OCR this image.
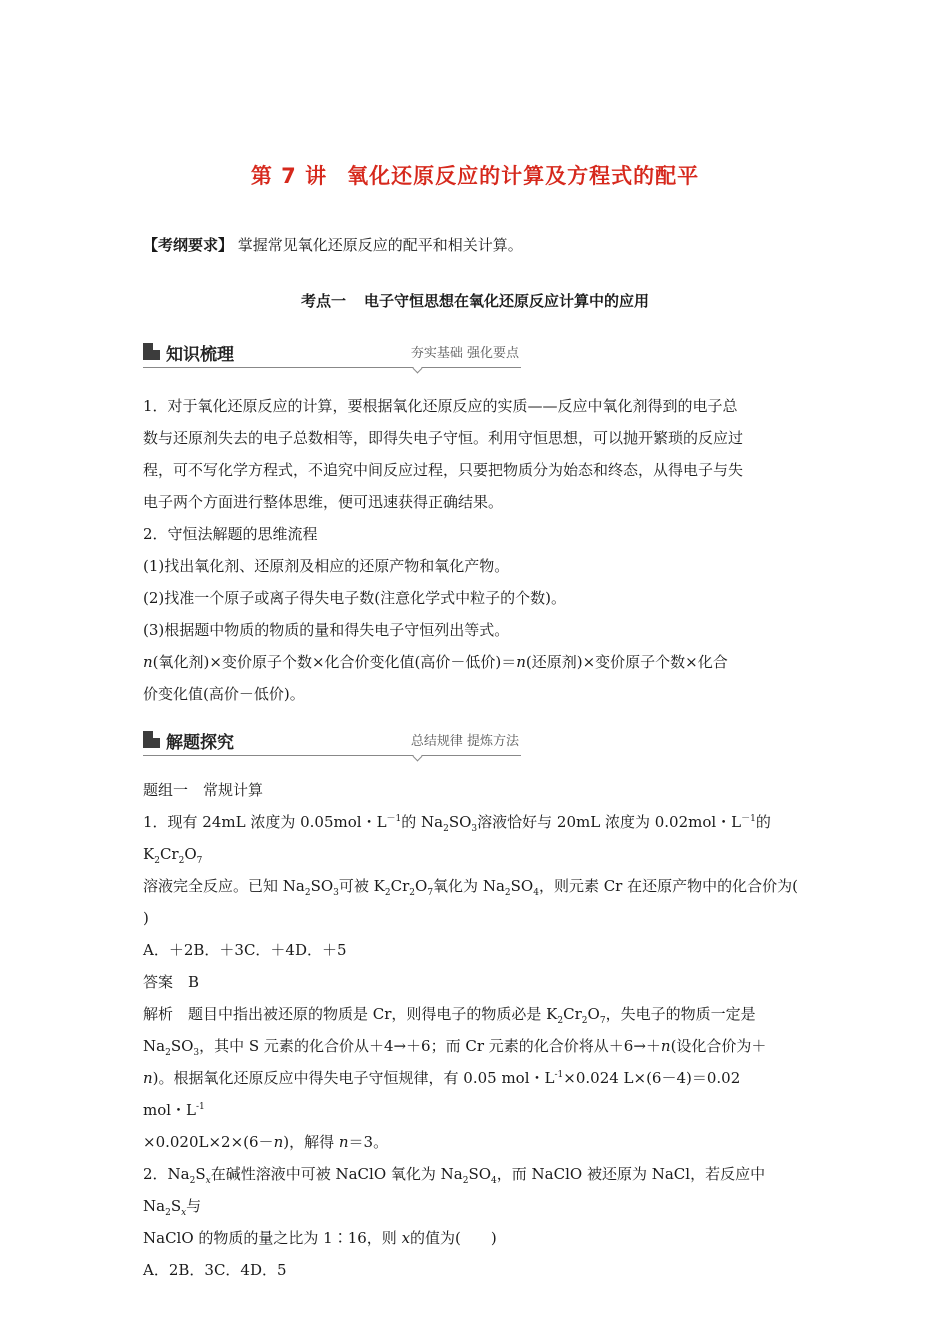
第 7 讲 氧化还原反应的计算及方程式的配平
【考纲要求】 掌握常见氧化还原反应的配平和相关计算。
考点一 电子守恒思想在氧化还原反应计算中的应用
知识梳理	夯实基础 强化要点
1．对于氧化还原反应的计算，要根据氧化还原反应的实质——反应中氧化剂得到的电子总
数与还原剂失去的电子总数相等，即得失电子守恒。利用守恒思想，可以抛开繁琐的反应过
程，可不写化学方程式，不追究中间反应过程，只要把物质分为始态和终态，从得电子与失
电子两个方面进行整体思维，便可迅速获得正确结果。
2．守恒法解题的思维流程
(1)找出氧化剂、还原剂及相应的还原产物和氧化产物。
(2)找准一个原子或离子得失电子数(注意化学式中粒子的个数)。
(3)根据题中物质的物质的量和得失电子守恒列出等式。
n(氧化剂)×变价原子个数×化合价变化值(高价－低价)＝n(还原剂)×变价原子个数×化合
价变化值(高价－低价)。
解题探究	总结规律 提炼方法
题组一　常规计算
1．现有 24mL 浓度为 0.05mol・$L^{-1}$的 $Na_2SO_3$溶液恰好与 20mL 浓度为 0.02mol・$L^{-1}$的 $K_2Cr_2O_7$
溶液完全反应。已知 $Na_2SO_3$可被 $K_2Cr_2O_7$氧化为 $Na_2SO_4$，则元素 Cr 在还原产物中的化合价为(
)
A．＋2B．＋3C．＋4D．＋5
答案　B
解析　题目中指出被还原的物质是 Cr，则得电子的物质必是 $K_2Cr_2O_7$，失电子的物质一定是
$Na_2SO_3$，其中 S 元素的化合价从＋4→＋6；而 Cr 元素的化合价将从＋6→＋n(设化合价为＋
n)。根据氧化还原反应中得失电子守恒规律，有 0.05 mol・$L^{-1}\times 0.024$ L×(6－4)＝0.02
mol・$L^{-1}$
×0.020L×2×(6－n)，解得 n＝3。
2．$Na_2S_x$在碱性溶液中可被 NaClO 氧化为 $Na_2SO_4$，而 NaClO 被还原为 NaCl，若反应中 $Na_2S_x$与
NaClO 的物质的量之比为 1∶16，则 x的值为(　　)
A．2B．3C．4D．5
